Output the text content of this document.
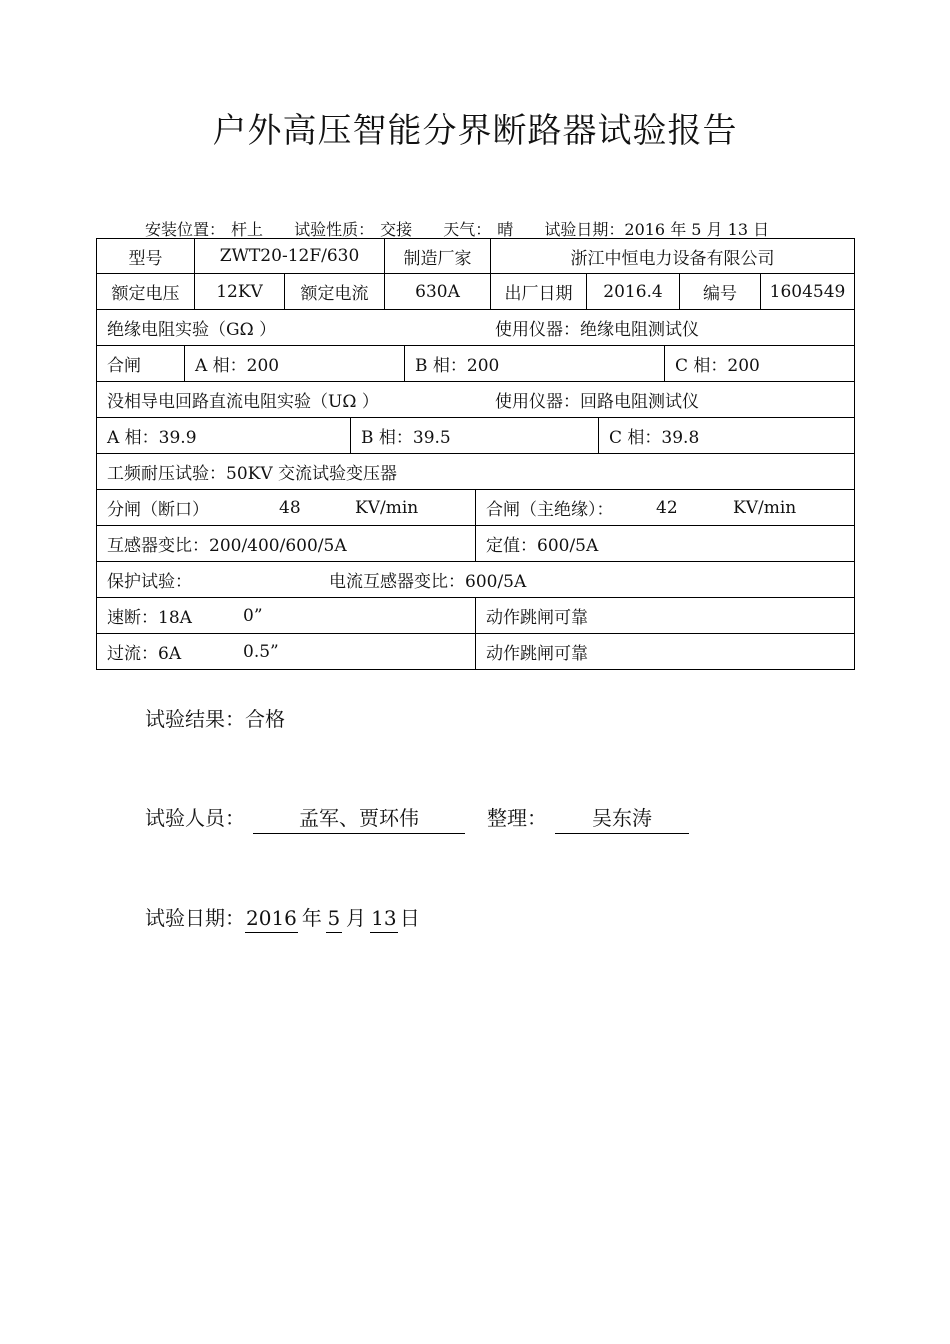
户外高压智能分界断路器试验报告
安装位置： 杆上 试验性质： 交接 天气： 晴 试验日期：2016 年 5 月 13 日
型号	ZWT20-12F/630	制造厂家	浙江中恒电力设备有限公司
额定电压	12KV	额定电流	630A	出厂日期	2016.4	编号	1604549
绝缘电阻实验（GΩ ）	使用仪器：绝缘电阻测试仪
合闸	A 相：200	B 相：200	C 相：200
没相导电回路直流电阻实验（UΩ ）	使用仪器：回路电阻测试仪
A 相：39.9	B 相：39.5	C 相：39.8
工频耐压试验：50KV 交流试验变压器
分闸（断口）	48	KV/min	合闸（主绝缘）：	42	KV/min
互感器变比：200/400/600/5A	定值：600/5A
保护试验：	电流互感器变比：600/5A
速断：18A	0”	动作跳闸可靠
过流：6A	0.5”	动作跳闸可靠
试验结果：合格
试验人员：	孟军、贾环伟	整理： 吴东涛
试验日期：2016 年 5 月 13 日
